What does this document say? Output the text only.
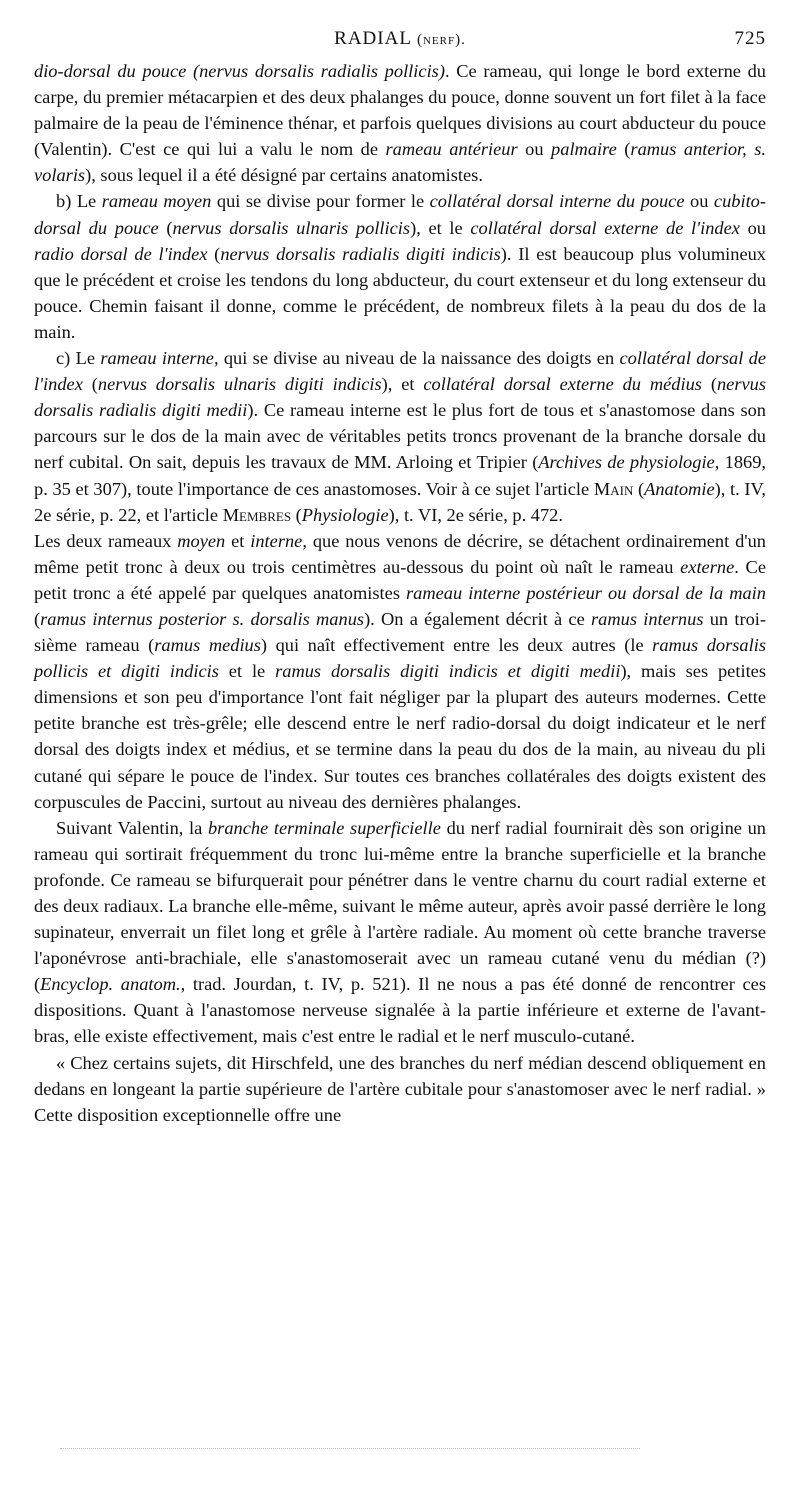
RADIAL (nerf).	725

dio-dorsal du pouce (nervus dorsalis radialis pollicis). Ce rameau, qui longe le bord externe du carpe, du premier métacarpien et des deux phalanges du pouce, donne souvent un fort filet à la face palmaire de la peau de l'éminence thénar, et parfois quelques divisions au court abducteur du pouce (Valentin). C'est ce qui lui a valu le nom de rameau antérieur ou palmaire (ramus anterior, s. volaris), sous lequel il a été désigné par certains anatomistes.

b) Le rameau moyen qui se divise pour former le collatéral dorsal interne du pouce ou cubito-dorsal du pouce (nervus dorsalis ulnaris pollicis), et le collatéral dorsal externe de l'index ou radio dorsal de l'index (nervus dorsalis radialis digiti indicis). Il est beaucoup plus volumineux que le précédent et croise les tendons du long abducteur, du court extenseur et du long extenseur du pouce. Chemin faisant il donne, comme le précédent, de nombreux filets à la peau du dos de la main.

c) Le rameau interne, qui se divise au niveau de la naissance des doigts en collatéral dorsal de l'index (nervus dorsalis ulnaris digiti indicis), et collatéral dorsal externe du médius (nervus dorsalis radialis digiti medii). Ce rameau interne est le plus fort de tous et s'anastomose dans son parcours sur le dos de la main avec de véritables petits troncs provenant de la branche dorsale du nerf cubital. On sait, depuis les travaux de MM. Arloing et Tripier (Archives de physiologie, 1869, p. 35 et 307), toute l'importance de ces anastomoses. Voir à ce sujet l'article Main (Anatomie), t. IV, 2e série, p. 22, et l'article Membres (Physiologie), t. VI, 2e série, p. 472.

Les deux rameaux moyen et interne, que nous venons de décrire, se détachent ordinairement d'un même petit tronc à deux ou trois centimètres au-dessous du point où naît le rameau externe. Ce petit tronc a été appelé par quelques anatomistes rameau interne postérieur ou dorsal de la main (ramus internus posterior s. dorsalis manus). On a également décrit à ce ramus internus un troisième rameau (ramus medius) qui naît effectivement entre les deux autres (le ramus dorsalis pollicis et digiti indicis et le ramus dorsalis digiti indicis et digiti medii), mais ses petites dimensions et son peu d'importance l'ont fait négliger par la plupart des auteurs modernes. Cette petite branche est très-grêle; elle descend entre le nerf radio-dorsal du doigt indicateur et le nerf dorsal des doigts index et médius, et se termine dans la peau du dos de la main, au niveau du pli cutané qui sépare le pouce de l'index. Sur toutes ces branches collatérales des doigts existent des corpuscules de Paccini, surtout au niveau des dernières phalanges.

Suivant Valentin, la branche terminale superficielle du nerf radial fournirait dès son origine un rameau qui sortirait fréquemment du tronc lui-même entre la branche superficielle et la branche profonde. Ce rameau se bifurquerait pour pénétrer dans le ventre charnu du court radial externe et des deux radiaux. La branche elle-même, suivant le même auteur, après avoir passé derrière le long supinateur, enverrait un filet long et grêle à l'artère radiale. Au moment où cette branche traverse l'aponévrose anti-brachiale, elle s'anastomoserait avec un rameau cutané venu du médian (?) (Encyclop. anatom., trad. Jourdan, t. IV, p. 521). Il ne nous a pas été donné de rencontrer ces dispositions. Quant à l'anastomose nerveuse signalée à la partie inférieure et externe de l'avant-bras, elle existe effectivement, mais c'est entre le radial et le nerf musculo-cutané.

« Chez certains sujets, dit Hirschfeld, une des branches du nerf médian descend obliquement en dedans en longeant la partie supérieure de l'artère cubitale pour s'anastomoser avec le nerf radial. » Cette disposition exceptionnelle offre une
